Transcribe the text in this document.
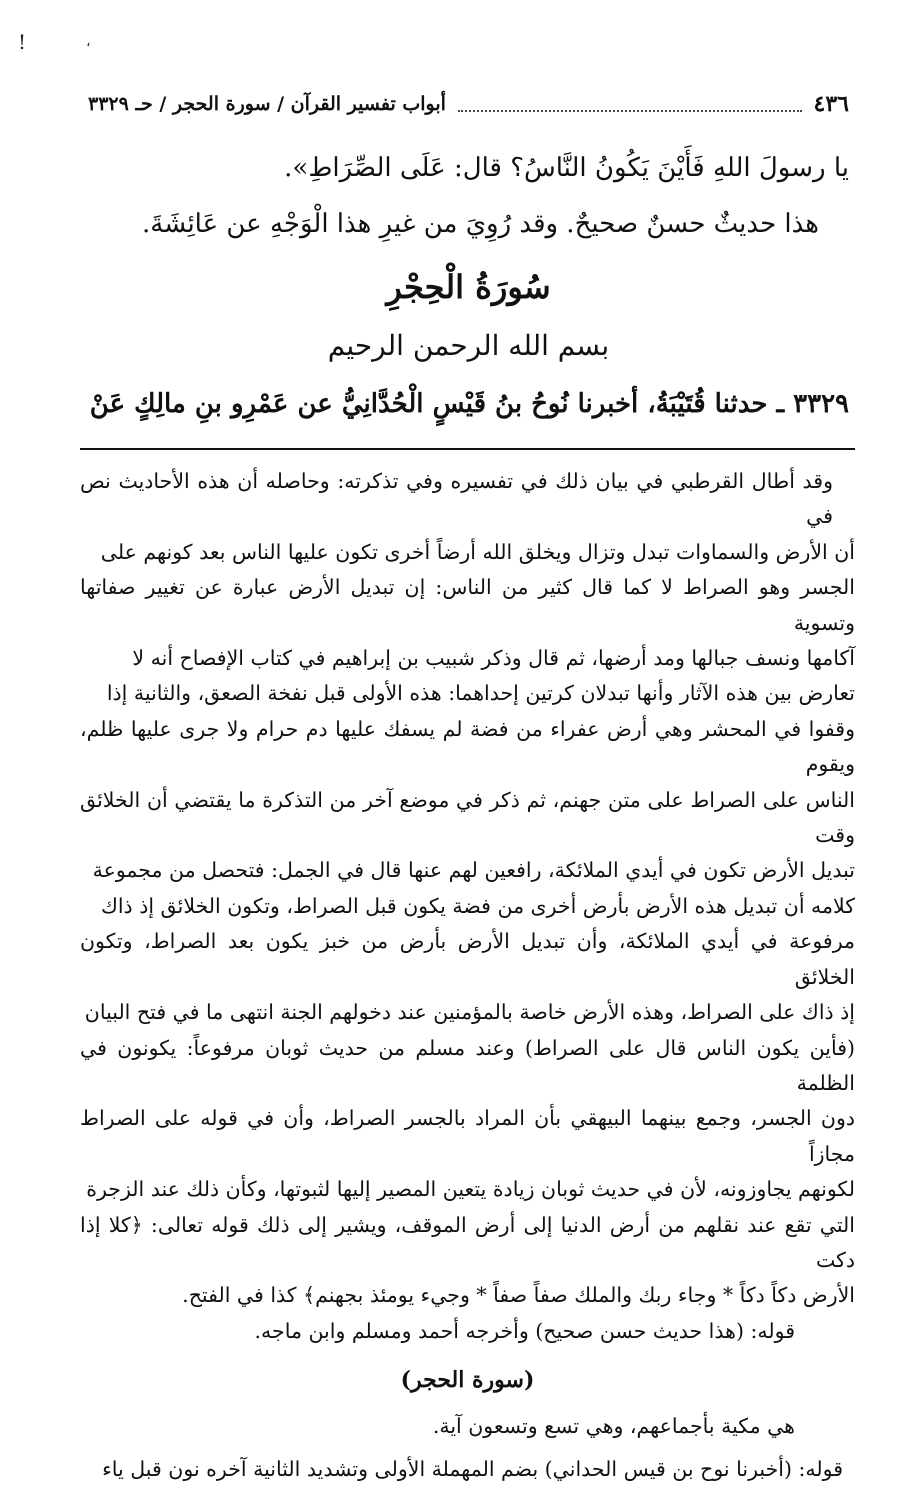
!	،
٤٣٦
أبواب تفسير القرآن / سورة الحجر / حـ ٣٣٢٩

يا رسولَ اللهِ فَأَيْنَ يَكُونُ النَّاسُ؟ قال: عَلَى الصِّرَاطِ».

هذا حديثٌ حسنٌ صحيحٌ. وقد رُوِيَ من غيرِ هذا الْوَجْهِ عن عَائِشَةَ.

سُورَةُ الْحِجْرِ
بسم الله الرحمن الرحيم
٣٣٢٩ ـ حدثنا قُتَيْبَةُ، أخبرنا نُوحُ بنُ قَيْسٍ الْحُدَّانِيُّ عن عَمْرِو بنِ مالِكٍ عَنْ
وقد أطال القرطبي في بيان ذلك في تفسيره وفي تذكرته: وحاصله أن هذه الأحاديث نص في
أن الأرض والسماوات تبدل وتزال ويخلق الله أرضاً أخرى تكون عليها الناس بعد كونهم على
الجسر وهو الصراط لا كما قال كثير من الناس: إن تبديل الأرض عبارة عن تغيير صفاتها وتسوية
آكامها ونسف جبالها ومد أرضها، ثم قال وذكر شبيب بن إبراهيم في كتاب الإفصاح أنه لا
تعارض بين هذه الآثار وأنها تبدلان كرتين إحداهما: هذه الأولى قبل نفخة الصعق، والثانية إذا
وقفوا في المحشر وهي أرض عفراء من فضة لم يسفك عليها دم حرام ولا جرى عليها ظلم، ويقوم
الناس على الصراط على متن جهنم، ثم ذكر في موضع آخر من التذكرة ما يقتضي أن الخلائق وقت
تبديل الأرض تكون في أيدي الملائكة، رافعين لهم عنها قال في الجمل: فتحصل من مجموعة
كلامه أن تبديل هذه الأرض بأرض أخرى من فضة يكون قبل الصراط، وتكون الخلائق إذ ذاك
مرفوعة في أيدي الملائكة، وأن تبديل الأرض بأرض من خبز يكون بعد الصراط، وتكون الخلائق
إذ ذاك على الصراط، وهذه الأرض خاصة بالمؤمنين عند دخولهم الجنة انتهى ما في فتح البيان
(فأين يكون الناس قال على الصراط) وعند مسلم من حديث ثوبان مرفوعاً: يكونون في الظلمة
دون الجسر، وجمع بينهما البيهقي بأن المراد بالجسر الصراط، وأن في قوله على الصراط مجازاً
لكونهم يجاوزونه، لأن في حديث ثوبان زيادة يتعين المصير إليها لثبوتها، وكأن ذلك عند الزجرة
التي تقع عند نقلهم من أرض الدنيا إلى أرض الموقف، ويشير إلى ذلك قوله تعالى: ﴿كلا إذا دكت
الأرض دكاً دكاً * وجاء ربك والملك صفاً صفاً * وجيء يومئذ بجهنم﴾ كذا في الفتح.
قوله: (هذا حديث حسن صحيح) وأخرجه أحمد ومسلم وابن ماجه.
(سورة الحجر)
هي مكية بأجماعهم، وهي تسع وتسعون آية.
قوله: (أخبرنا نوح بن قيس الحداني) بضم المهملة الأولى وتشديد الثانية آخره نون قبل ياء
